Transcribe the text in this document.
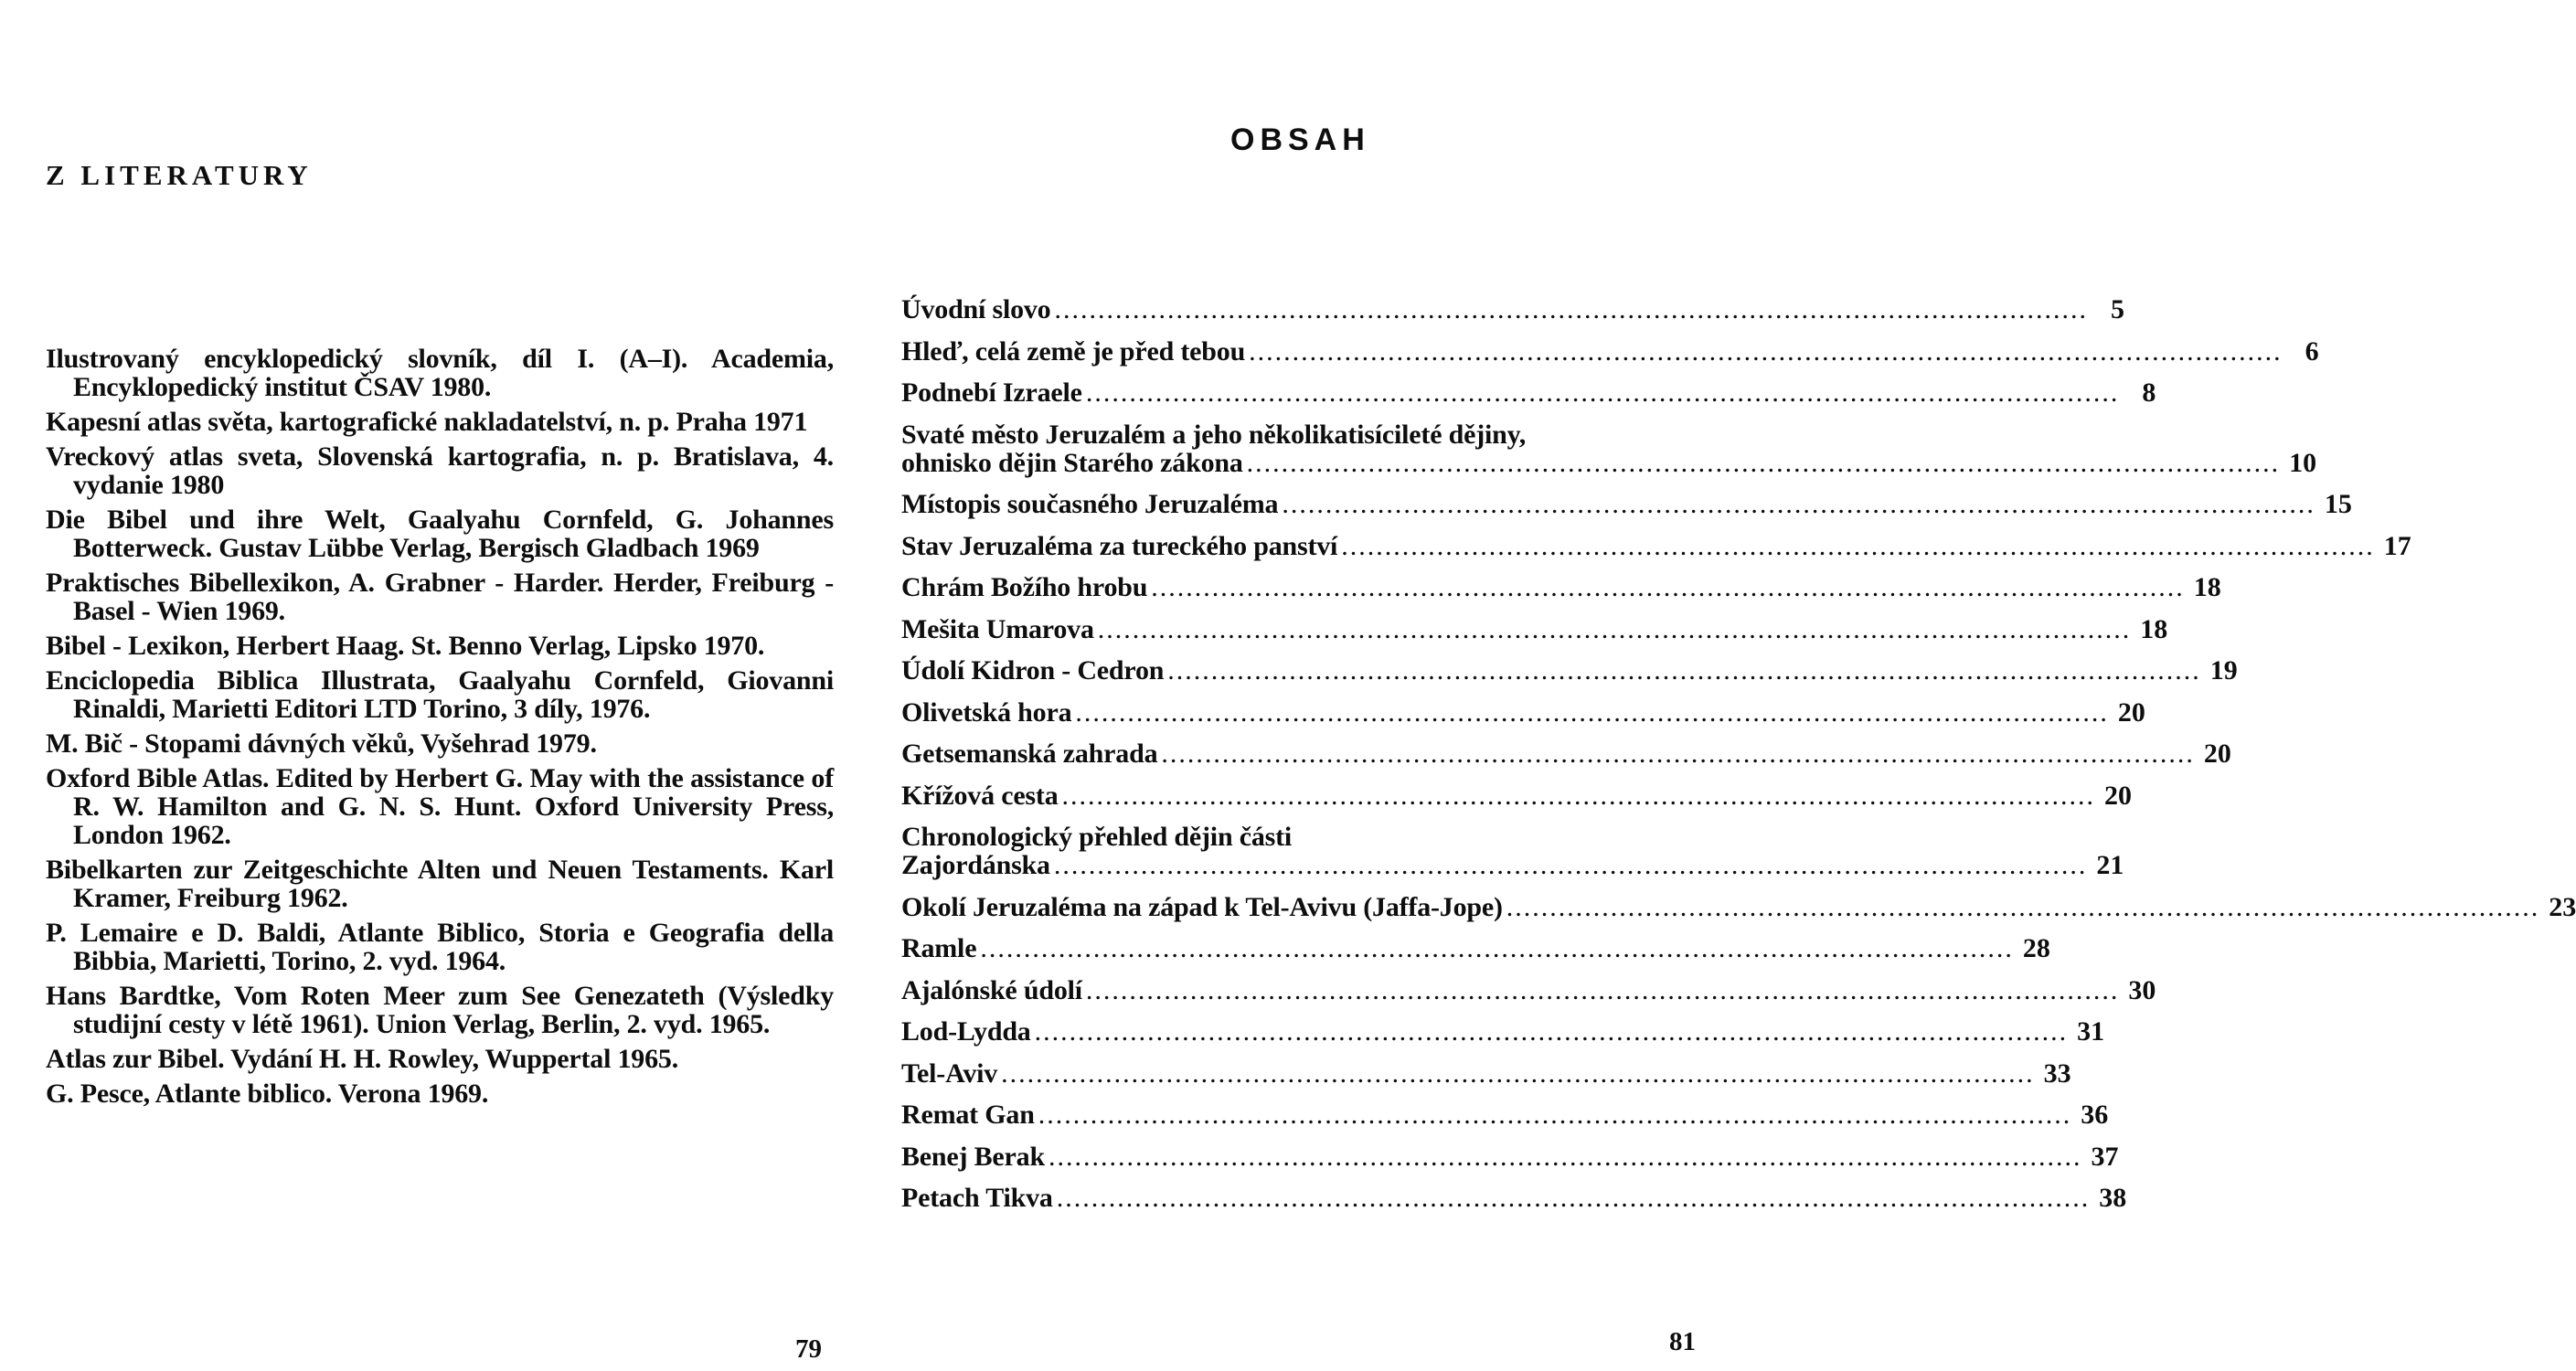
Z LITERATURY
Ilustrovaný encyklopedický slovník, díl I. (A–I). Academia, Encyklopedický institut ČSAV 1980.
Kapesní atlas světa, kartografické nakladatelství, n. p. Praha 1971
Vreckový atlas sveta, Slovenská kartografia, n. p. Bratislava, 4. vydanie 1980
Die Bibel und ihre Welt, Gaalyahu Cornfeld, G. Johannes Botterweck. Gustav Lübbe Verlag, Bergisch Gladbach 1969
Praktisches Bibellexikon, A. Grabner - Harder. Herder, Freiburg - Basel - Wien 1969.
Bibel - Lexikon, Herbert Haag. St. Benno Verlag, Lipsko 1970.
Enciclopedia Biblica Illustrata, Gaalyahu Cornfeld, Giovanni Rinaldi, Marietti Editori LTD Torino, 3 díly, 1976.
M. Bič - Stopami dávných věků, Vyšehrad 1979.
Oxford Bible Atlas. Edited by Herbert G. May with the assistance of R. W. Hamilton and G. N. S. Hunt. Oxford University Press, London 1962.
Bibelkarten zur Zeitgeschichte Alten und Neuen Testaments. Karl Kramer, Freiburg 1962.
P. Lemaire e D. Baldi, Atlante Biblico, Storia e Geografia della Bibbia, Marietti, Torino, 2. vyd. 1964.
Hans Bardtke, Vom Roten Meer zum See Genezateth (Výsledky studijní cesty v létě 1961). Union Verlag, Berlin, 2. vyd. 1965.
Atlas zur Bibel. Vydání H. H. Rowley, Wuppertal 1965.
G. Pesce, Atlante biblico. Verona 1969.
79
OBSAH
Úvodní slovo ....................................................................................................................... 5
Hleď, celá země je před tebou ....................................................................................................................... 6
Podnebí Izraele ....................................................................................................................... 8
Svaté město Jeruzalém a jeho několikatisícileté dějiny,
ohnisko dějin Starého zákona ....................................................................................................................... 10
Místopis současného Jeruzaléma ....................................................................................................................... 15
Stav Jeruzaléma za tureckého panství ....................................................................................................................... 17
Chrám Božího hrobu ....................................................................................................................... 18
Mešita Umarova ....................................................................................................................... 18
Údolí Kidron - Cedron ....................................................................................................................... 19
Olivetská hora ....................................................................................................................... 20
Getsemanská zahrada ....................................................................................................................... 20
Křížová cesta ....................................................................................................................... 20
Chronologický přehled dějin části
Zajordánska ....................................................................................................................... 21
Okolí Jeruzaléma na západ k Tel-Avivu (Jaffa-Jope) ....................................................................................................................... 23
Ramle ....................................................................................................................... 28
Ajalónské údolí ....................................................................................................................... 30
Lod-Lydda ....................................................................................................................... 31
Tel-Aviv ....................................................................................................................... 33
Remat Gan ....................................................................................................................... 36
Benej Berak ....................................................................................................................... 37
Petach Tikva ....................................................................................................................... 38
81
